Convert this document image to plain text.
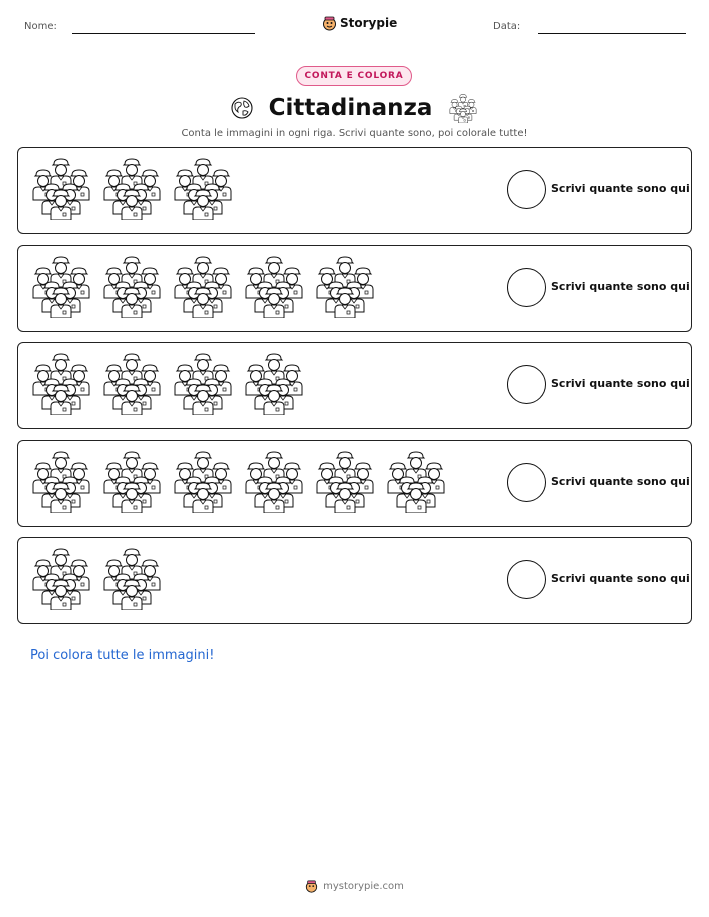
Nome:	Storypie	Data:
CONTA E COLORA
Cittadinanza
Conta le immagini in ogni riga. Scrivi quante sono, poi colorale tutte!
Scrivi quante sono qui
Scrivi quante sono qui
Scrivi quante sono qui
Scrivi quante sono qui
Scrivi quante sono qui
Poi colora tutte le immagini!
mystorypie.com
